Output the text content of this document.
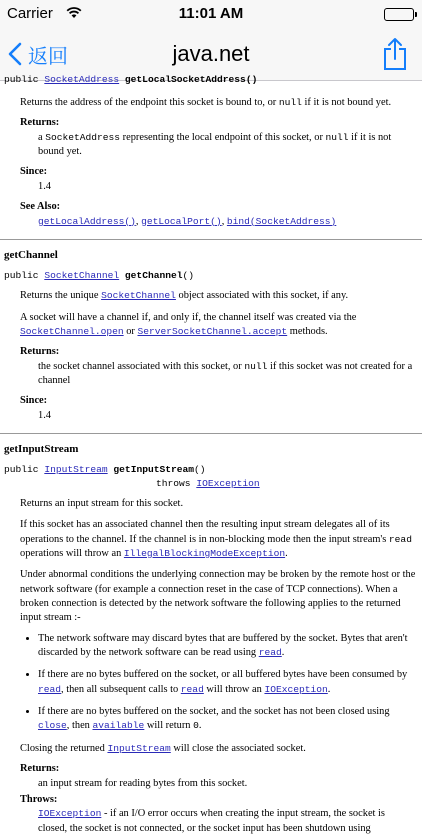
Carrier	11:01 AM
返回	java.net
public SocketAddress getLocalSocketAddress()

Returns the address of the endpoint this socket is bound to, or null if it is not bound yet.

Returns:
a SocketAddress representing the local endpoint of this socket, or null if it is not bound yet.
Since:
1.4
See Also:
getLocalAddress(), getLocalPort(), bind(SocketAddress)
getChannel
public SocketChannel getChannel()

Returns the unique SocketChannel object associated with this socket, if any.

A socket will have a channel if, and only if, the channel itself was created via the SocketChannel.open or ServerSocketChannel.accept methods.

Returns:
the socket channel associated with this socket, or null if this socket was not created for a channel
Since:
1.4
getInputStream
public InputStream getInputStream()
throws IOException

Returns an input stream for this socket.

If this socket has an associated channel then the resulting input stream delegates all of its operations to the channel. If the channel is in non-blocking mode then the input stream's read operations will throw an IllegalBlockingModeException.

Under abnormal conditions the underlying connection may be broken by the remote host or the network software (for example a connection reset in the case of TCP connections). When a broken connection is detected by the network software the following applies to the returned input stream :-

• The network software may discard bytes that are buffered by the socket. Bytes that aren't discarded by the network software can be read using read.
• If there are no bytes buffered on the socket, or all buffered bytes have been consumed by read, then all subsequent calls to read will throw an IOException.
• If there are no bytes buffered on the socket, and the socket has not been closed using close, then available will return 0.

Closing the returned InputStream will close the associated socket.

Returns:
an input stream for reading bytes from this socket.
Throws:
IOException - if an I/O error occurs when creating the input stream, the socket is closed, the socket is not connected, or the socket input has been shutdown using
